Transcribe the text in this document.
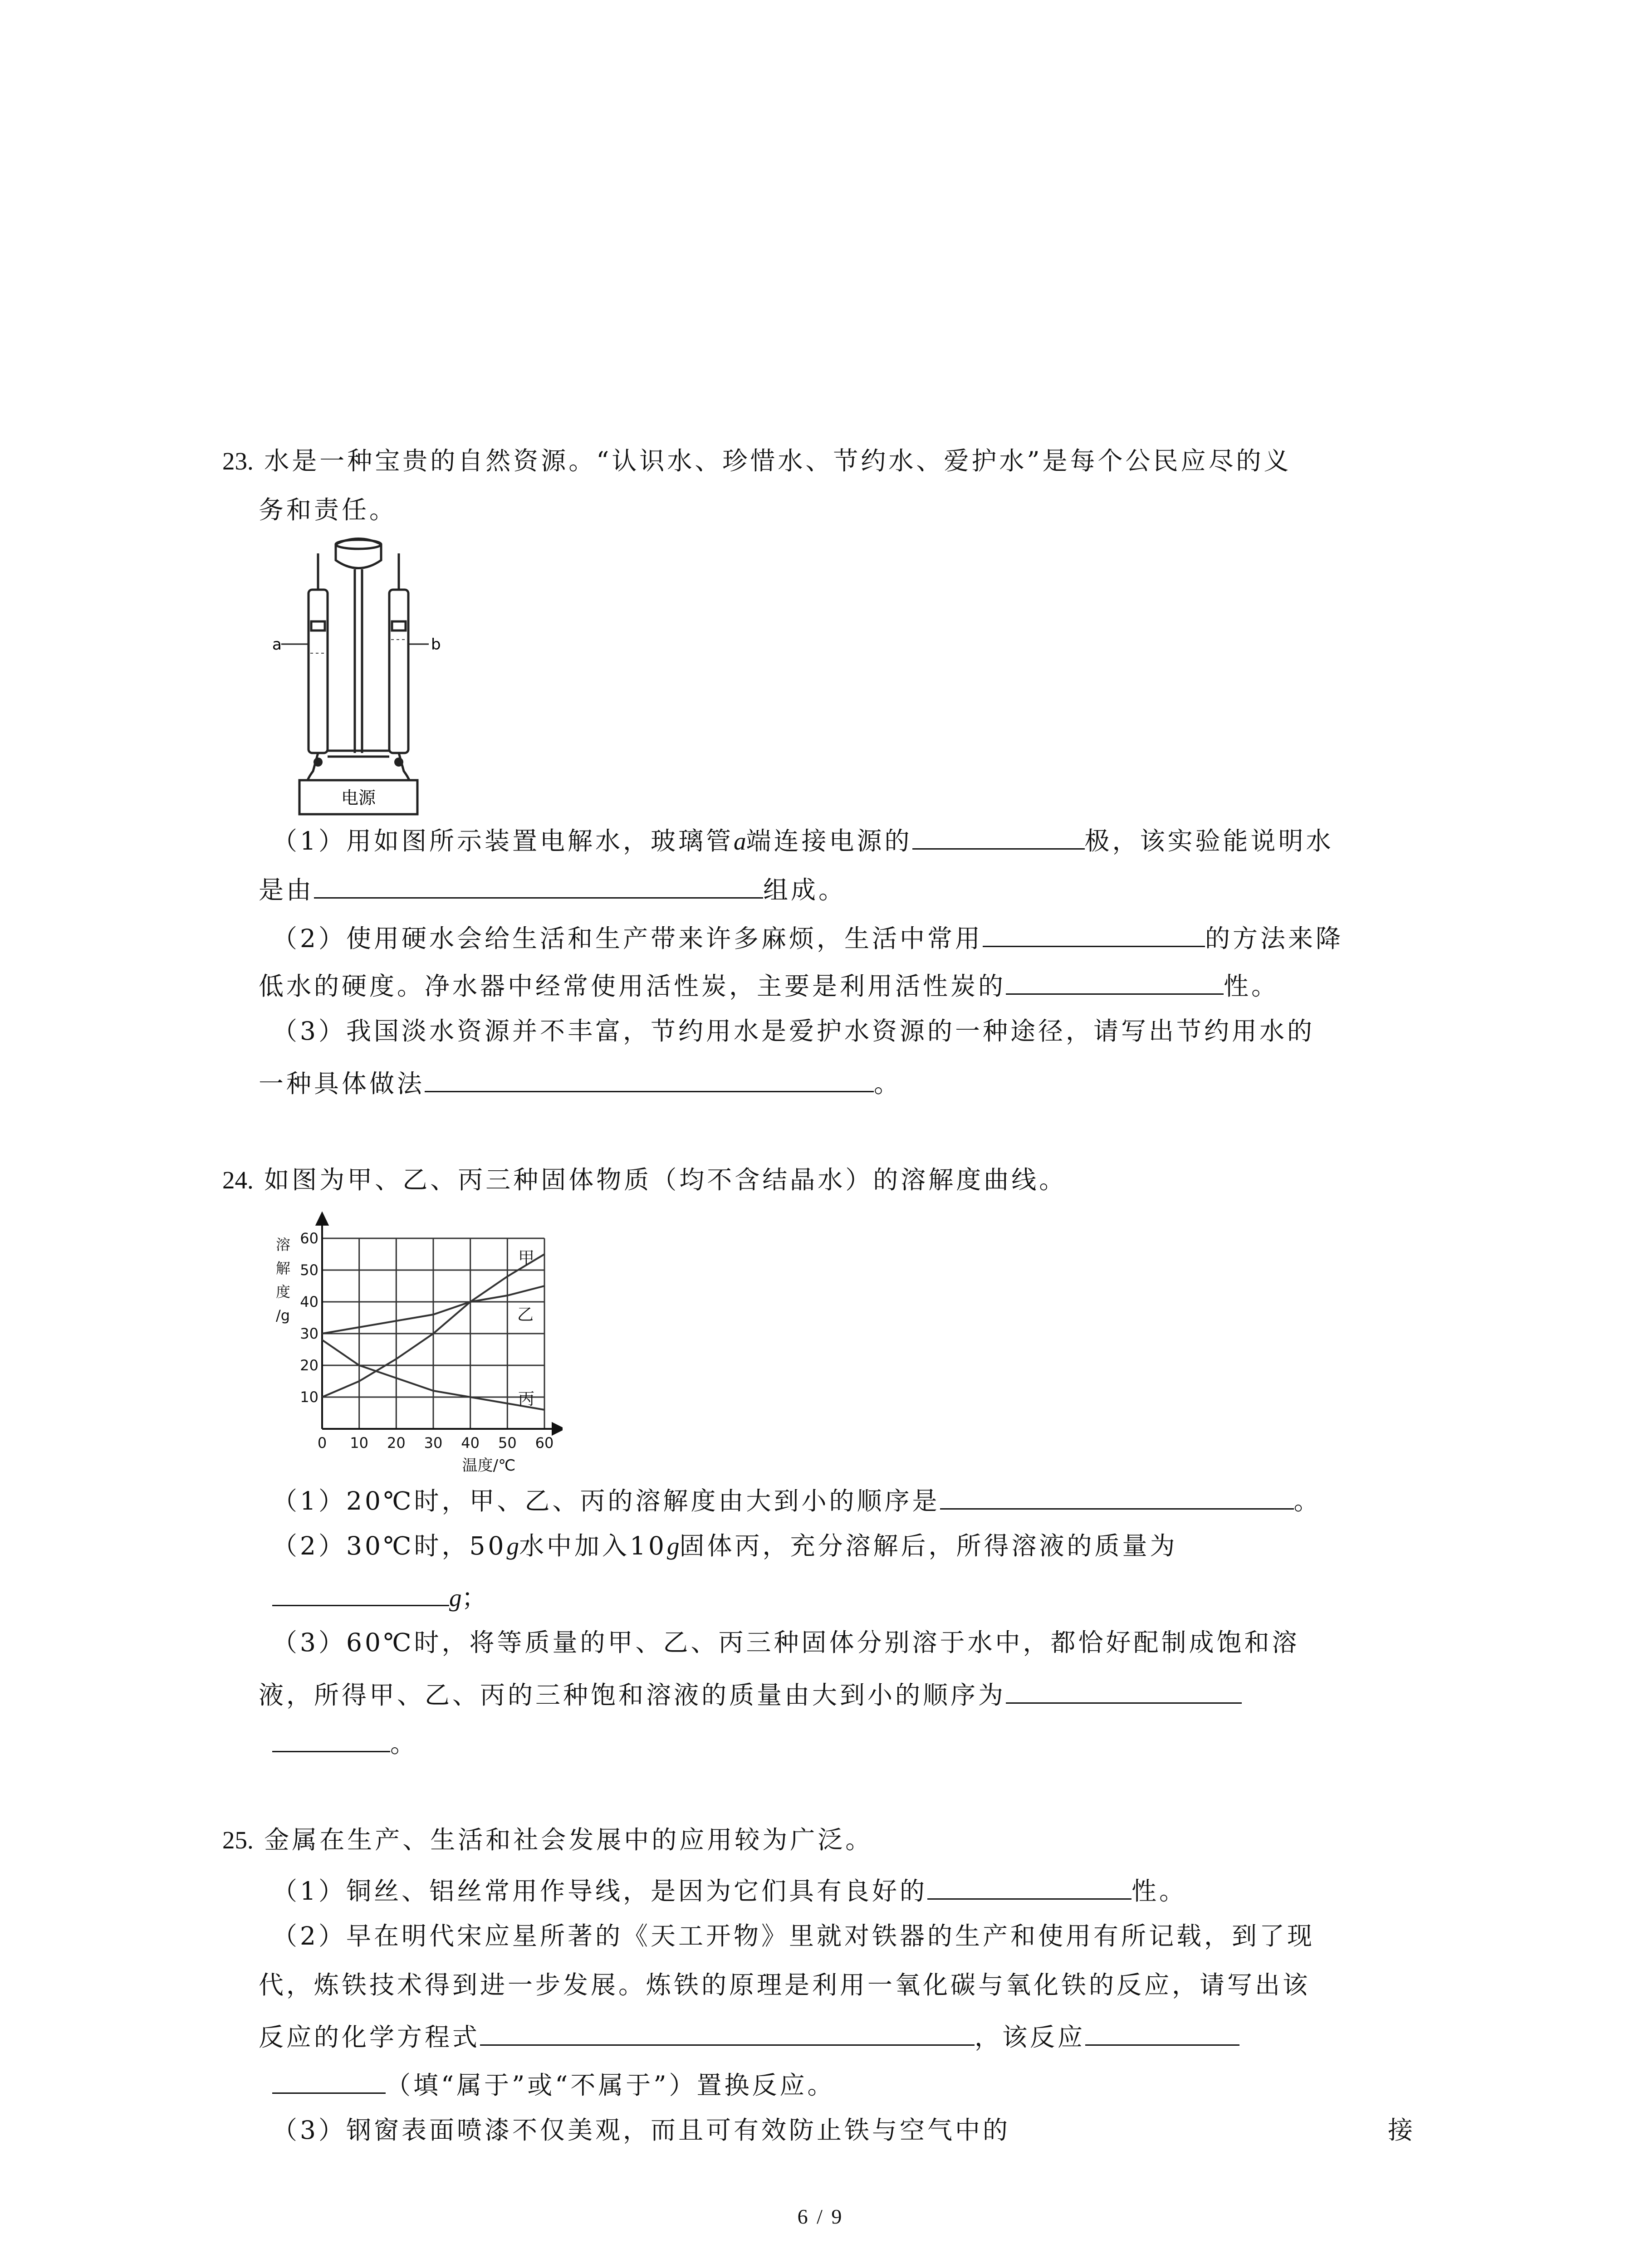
23. 水是一种宝贵的自然资源。“认识水、珍惜水、节约水、爱护水”是每个公民应尽的义
务和责任。
a	b
电源
（1）用如图所示装置电解水，玻璃管a端连接电源的	极，该实验能说明水
是由	组成。
（2）使用硬水会给生活和生产带来许多麻烦，生活中常用	的方法来降
低水的硬度。净水器中经常使用活性炭，主要是利用活性炭的	性。
（3）我国淡水资源并不丰富，节约用水是爱护水资源的一种途径，请写出节约用水的
一种具体做法	。
24. 如图为甲、乙、丙三种固体物质（均不含结晶水）的溶解度曲线。
0 10 20 30 40 50 60
10
20
30
40
50
60
温度/℃
溶
解
度
/g
甲
乙
丙
（1）20℃时，甲、乙、丙的溶解度由大到小的顺序是	。
（2）30℃时，50g水中加入10g固体丙，充分溶解后，所得溶液的质量为
g；
（3）60℃时，将等质量的甲、乙、丙三种固体分别溶于水中，都恰好配制成饱和溶
液，所得甲、乙、丙的三种饱和溶液的质量由大到小的顺序为
。
25. 金属在生产、生活和社会发展中的应用较为广泛。
（1）铜丝、铝丝常用作导线，是因为它们具有良好的	性。
（2）早在明代宋应星所著的《天工开物》里就对铁器的生产和使用有所记载，到了现
代，炼铁技术得到进一步发展。炼铁的原理是利用一氧化碳与氧化铁的反应，请写出该
反应的化学方程式	，该反应
（填“属于”或“不属于”）置换反应。
（3）钢窗表面喷漆不仅美观，而且可有效防止铁与空气中的	接
6 / 9
